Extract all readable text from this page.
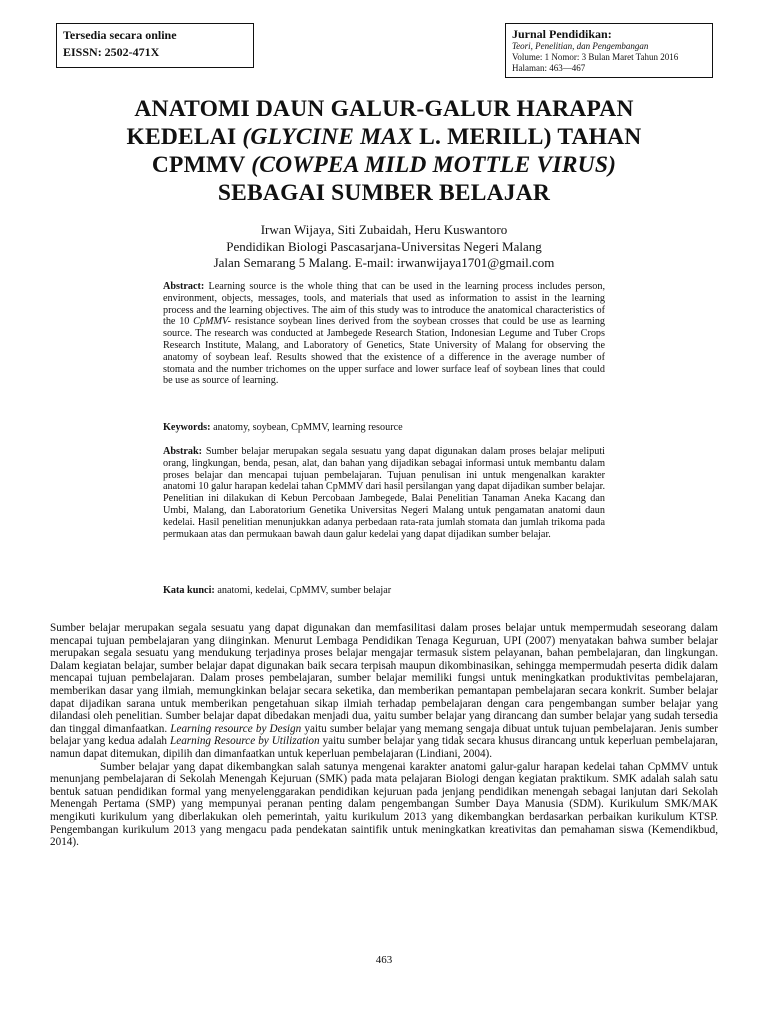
Tersedia secara online
EISSN: 2502-471X
Jurnal Pendidikan:
Teori, Penelitian, dan Pengembangan
Volume: 1 Nomor: 3 Bulan Maret Tahun 2016
Halaman: 463—467
ANATOMI DAUN GALUR-GALUR HARAPAN
KEDELAI (GLYCINE MAX L. MERILL) TAHAN
CPMMV (COWPEA MILD MOTTLE VIRUS)
SEBAGAI SUMBER BELAJAR
Irwan Wijaya, Siti Zubaidah, Heru Kuswantoro
Pendidikan Biologi Pascasarjana-Universitas Negeri Malang
Jalan Semarang 5 Malang. E-mail: irwanwijaya1701@gmail.com
Abstract: Learning source is the whole thing that can be used in the learning process includes person, environment, objects, messages, tools, and materials that used as information to assist in the learning process and the learning objectives. The aim of this study was to introduce the anatomical characteristics of the 10 CpMMV- resistance soybean lines derived from the soybean crosses that could be use as learning source. The research was conducted at Jambegede Research Station, Indonesian Legume and Tuber Crops Research Institute, Malang, and Laboratory of Genetics, State University of Malang for observing the anatomy of soybean leaf. Results showed that the existence of a difference in the average number of stomata and the number trichomes on the upper surface and lower surface leaf of soybean lines that could be use as source of learning.
Keywords: anatomy, soybean, CpMMV, learning resource
Abstrak: Sumber belajar merupakan segala sesuatu yang dapat digunakan dalam proses belajar meliputi orang, lingkungan, benda, pesan, alat, dan bahan yang dijadikan sebagai informasi untuk membantu dalam proses belajar dan mencapai tujuan pembelajaran. Tujuan penulisan ini untuk mengenalkan karakter anatomi 10 galur harapan kedelai tahan CpMMV dari hasil persilangan yang dapat dijadikan sumber belajar. Penelitian ini dilakukan di Kebun Percobaan Jambegede, Balai Penelitian Tanaman Aneka Kacang dan Umbi, Malang, dan Laboratorium Genetika Universitas Negeri Malang untuk pengamatan anatomi daun kedelai. Hasil penelitian menunjukkan adanya perbedaan rata-rata jumlah stomata dan jumlah trikoma pada permukaan atas dan permukaan bawah daun galur kedelai yang dapat dijadikan sumber belajar.
Kata kunci: anatomi, kedelai, CpMMV, sumber belajar

Sumber belajar merupakan segala sesuatu yang dapat digunakan dan memfasilitasi dalam proses belajar untuk mempermudah seseorang dalam mencapai tujuan pembelajaran yang diinginkan. Menurut Lembaga Pendidikan Tenaga Keguruan, UPI (2007) menyatakan bahwa sumber belajar merupakan segala sesuatu yang mendukung terjadinya proses belajar mengajar termasuk sistem pelayanan, bahan pembelajaran, dan lingkungan. Dalam kegiatan belajar, sumber belajar dapat digunakan baik secara terpisah maupun dikombinasikan, sehingga mempermudah peserta didik dalam mencapai tujuan pembelajaran. Dalam proses pembelajaran, sumber belajar memiliki fungsi untuk meningkatkan produktivitas pembelajaran, memberikan dasar yang ilmiah, memungkinkan belajar secara seketika, dan memberikan pemantapan pembelajaran secara konkrit. Sumber belajar dapat dijadikan sarana untuk memberikan pengetahuan sikap ilmiah terhadap pembelajaran dengan cara pengembangan sumber belajar yang dilandasi oleh penelitian. Sumber belajar dapat dibedakan menjadi dua, yaitu sumber belajar yang dirancang dan sumber belajar yang sudah tersedia dan tinggal dimanfaatkan. Learning resource by Design yaitu sumber belajar yang memang sengaja dibuat untuk tujuan pembelajaran. Jenis sumber belajar yang kedua adalah Learning Resource by Utilization yaitu sumber belajar yang tidak secara khusus dirancang untuk keperluan pembelajaran, namun dapat ditemukan, dipilih dan dimanfaatkan untuk keperluan pembelajaran (Lindiani, 2004).

Sumber belajar yang dapat dikembangkan salah satunya mengenai karakter anatomi galur-galur harapan kedelai tahan CpMMV untuk menunjang pembelajaran di Sekolah Menengah Kejuruan (SMK) pada mata pelajaran Biologi dengan kegiatan praktikum. SMK adalah salah satu bentuk satuan pendidikan formal yang menyelenggarakan pendidikan kejuruan pada jenjang pendidikan menengah sebagai lanjutan dari Sekolah Menengah Pertama (SMP) yang mempunyai peranan penting dalam pengembangan Sumber Daya Manusia (SDM). Kurikulum SMK/MAK mengikuti kurikulum yang diberlakukan oleh pemerintah, yaitu kurikulum 2013 yang dikembangkan berdasarkan perbaikan kurikulum KTSP. Pengembangan kurikulum 2013 yang mengacu pada pendekatan saintifik untuk meningkatkan kreativitas dan pemahaman siswa (Kemendikbud, 2014).

463
